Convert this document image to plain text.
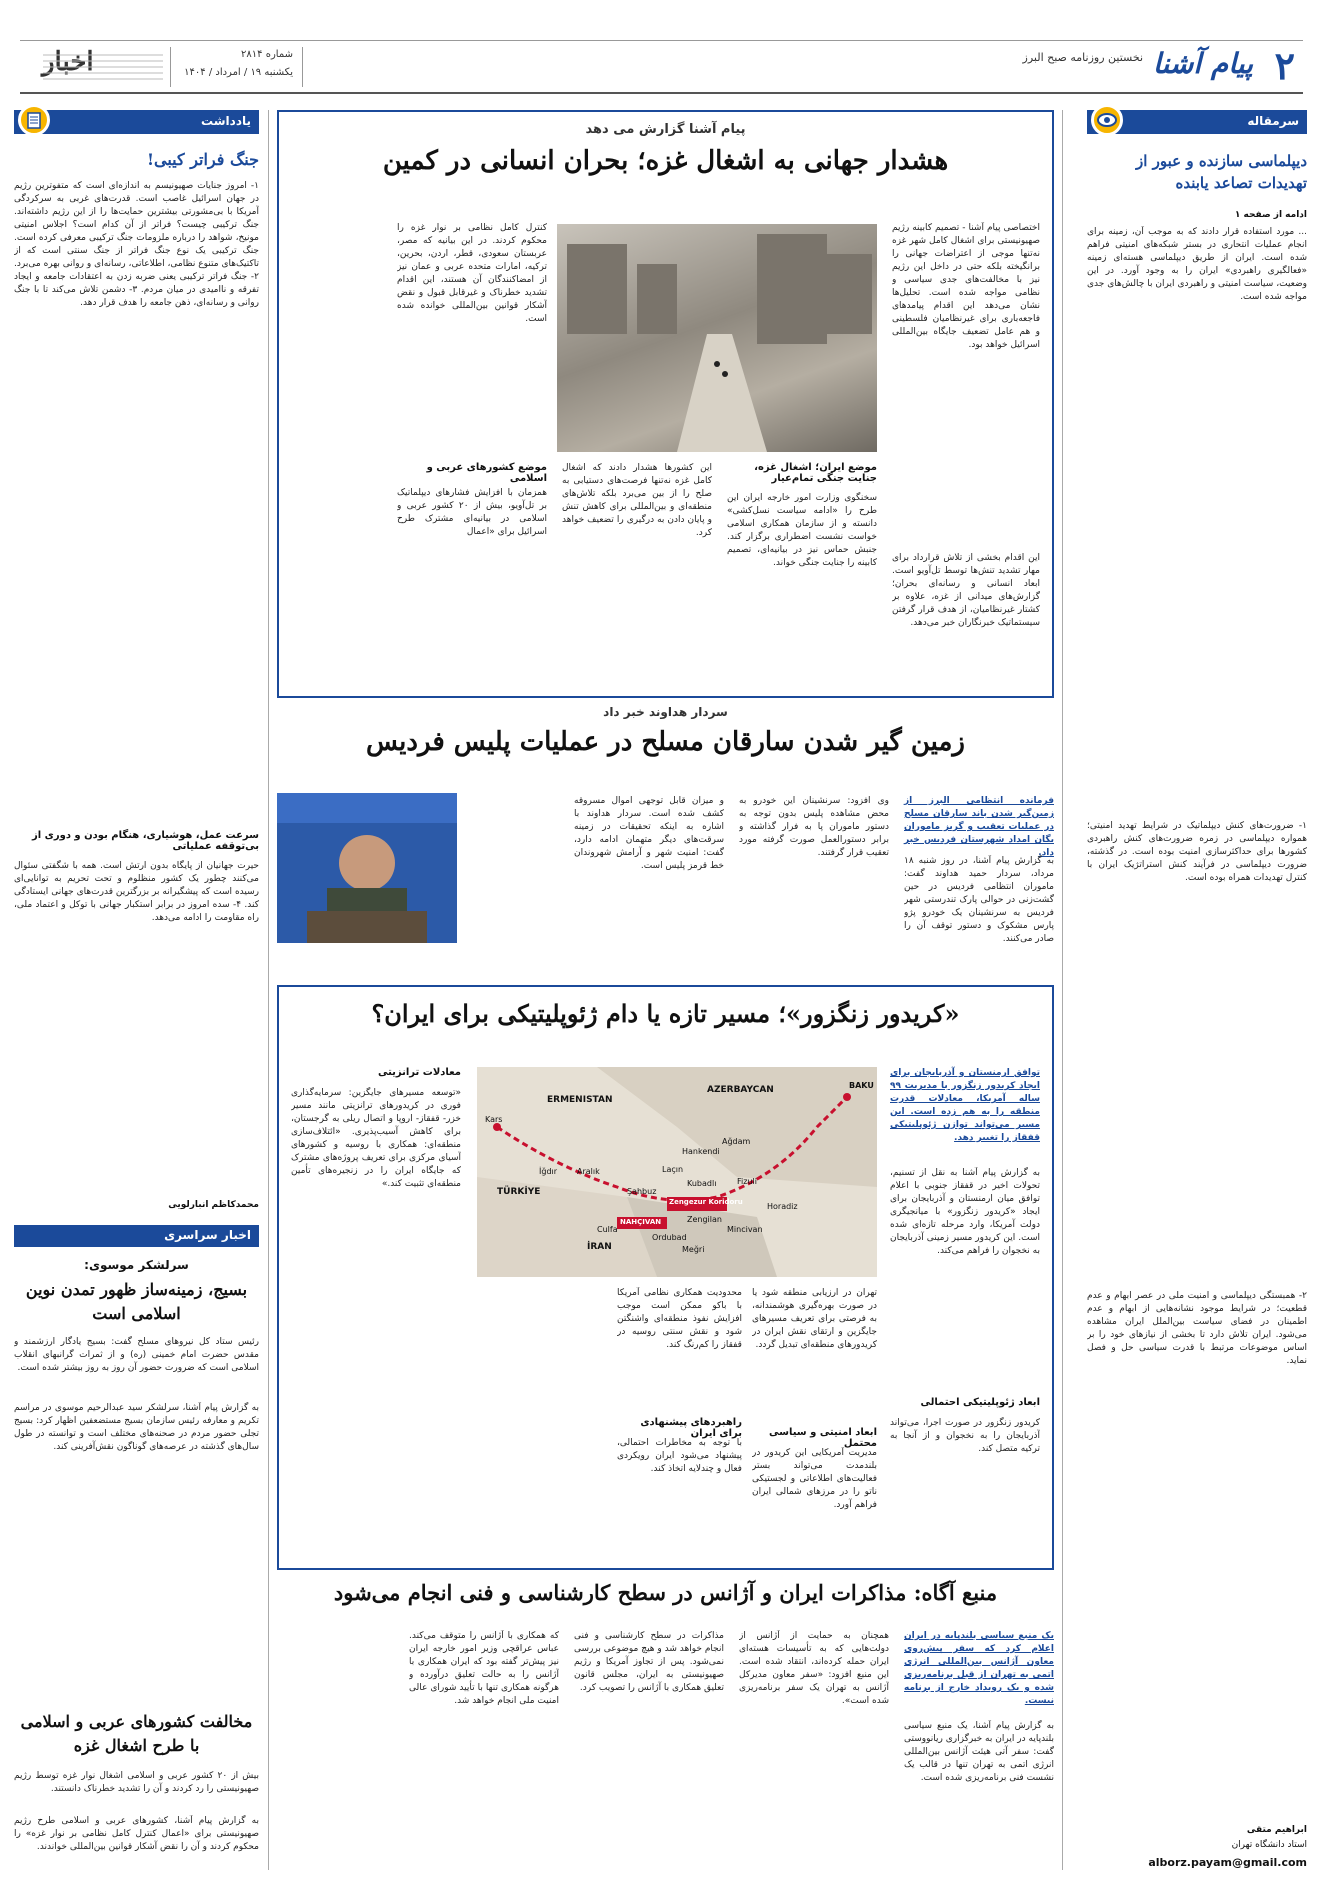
۲
پیام آشنا
نخستین روزنامه صبح البرز
شماره ۲۸۱۴
یکشنبه ۱۹ / امرداد / ۱۴۰۴
اخبار
سرمقاله
دیپلماسی سازنده و عبور از تهدیدات تصاعد یابنده
ادامه از صفحه ۱
... مورد استفاده قرار دادند که به موجب آن، زمینه برای انجام عملیات انتحاری در بستر شبکه‌های امنیتی فراهم شده است. ایران از طریق دیپلماسی هسته‌ای زمینه «فعالگیری راهبردی» ایران را به وجود آورد. در این وضعیت، سیاست امنیتی و راهبردی ایران با چالش‌های جدی مواجه شده است.
۱- ضرورت‌های کنش دیپلماتیک در شرایط تهدید امنیتی؛ همواره دیپلماسی در زمره ضرورت‌های کنش راهبردی کشورها برای حداکثرسازی امنیت بوده است. در گذشته، ضرورت دیپلماسی در فرآیند کنش استراتژیک ایران با کنترل تهدیدات همراه بوده است.
۲- همبستگی دیپلماسی و امنیت ملی در عصر ابهام و عدم قطعیت؛ در شرایط موجود نشانه‌هایی از ابهام و عدم اطمینان در فضای سیاست بین‌الملل ایران مشاهده می‌شود. ایران تلاش دارد تا بخشی از نیازهای خود را بر اساس موضوعات مرتبط با قدرت سیاسی حل و فصل نماید.
ابراهیم متقی
استاد دانشگاه تهران
alborz.payam@gmail.com
پیام آشنا گزارش می دهد
هشدار جهانی به اشغال غزه؛ بحران انسانی در کمین
اختصاصی پیام آشنا - تصمیم کابینه رژیم صهیونیستی برای اشغال کامل شهر غزه نه‌تنها موجی از اعتراضات جهانی را برانگیخته بلکه حتی در داخل این رژیم نیز با مخالفت‌های جدی سیاسی و نظامی مواجه شده است. تحلیل‌ها نشان می‌دهد این اقدام پیامدهای فاجعه‌باری برای غیرنظامیان فلسطینی و هم عامل تضعیف جایگاه بین‌المللی اسرائیل خواهد بود.
کنترل کامل نظامی بر نوار غزه را محکوم کردند. در این بیانیه که مصر، عربستان سعودی، قطر، اردن، بحرین، ترکیه، امارات متحده عربی و عمان نیز از امضاکنندگان آن هستند، این اقدام تشدید خطرناک و غیرقابل قبول و نقض آشکار قوانین بین‌المللی خوانده شده است.
این اقدام بخشی از تلاش قرارداد برای مهار تشدید تنش‌ها توسط تل‌آویو است. ابعاد انسانی و رسانه‌ای بحران؛ گزارش‌های میدانی از غزه، علاوه بر کشتار غیرنظامیان، از هدف قرار گرفتن سیستماتیک خبرنگاران خبر می‌دهد.
موضع ایران؛ اشغال غزه، جنایت جنگی تمام‌عیار
سخنگوی وزارت امور خارجه ایران این طرح را «ادامه سیاست نسل‌کشی» دانسته و از سازمان همکاری اسلامی خواست نشست اضطراری برگزار کند. جنبش حماس نیز در بیانیه‌ای، تصمیم کابینه را جنایت جنگی خواند.
این کشورها هشدار دادند که اشغال کامل غزه نه‌تنها فرصت‌های دستیابی به صلح را از بین می‌برد بلکه تلاش‌های منطقه‌ای و بین‌المللی برای کاهش تنش و پایان دادن به درگیری را تضعیف خواهد کرد.
موضع کشورهای عربی و اسلامی
همزمان با افزایش فشارهای دیپلماتیک بر تل‌آویو، بیش از ۲۰ کشور عربی و اسلامی در بیانیه‌ای مشترک طرح اسرائیل برای «اعمال
سردار هداوند خبر داد
زمین گیر شدن سارقان مسلح در عملیات پلیس فردیس
فرمانده انتظامی البرز از زمین‌گیر شدن باند سارقان مسلح در عملیات تعقیب و گریز ماموران یگان امداد شهرستان فردیس خبر داد.
به گزارش پیام آشنا، در روز شنبه ۱۸ مرداد، سردار حمید هداوند گفت: ماموران انتظامی فردیس در حین گشت‌زنی در حوالی پارک تندرستی شهر فردیس به سرنشینان یک خودرو پژو پارس مشکوک و دستور توقف آن را صادر می‌کنند.
وی افزود: سرنشینان این خودرو به محض مشاهده پلیس بدون توجه به دستور ماموران پا به فرار گذاشته و برابر دستورالعمل صورت گرفته مورد تعقیب قرار گرفتند.
و میزان قابل توجهی اموال مسروقه کشف شده است. سردار هداوند با اشاره به اینکه تحقیقات در زمینه سرقت‌های دیگر متهمان ادامه دارد، گفت: امنیت شهر و آرامش شهروندان خط قرمز پلیس است.
«کریدور زنگزور»؛ مسیر تازه یا دام ژئوپلیتیکی برای ایران؟
توافق ارمنستان و آذربایجان برای ایجاد کریدور زنگزور با مدیریت ۹۹ ساله آمریکا، معادلات قدرت منطقه را به هم زده است. این مسیر می‌تواند توازن ژئوپلیتیکی قفقاز را تغییر دهد.
به گزارش پیام آشنا به نقل از تسنیم، تحولات اخیر در قفقاز جنوبی با اعلام توافق میان ارمنستان و آذربایجان برای ایجاد «کریدور زنگزور» با میانجیگری دولت آمریکا، وارد مرحله تازه‌ای شده است. این کریدور مسیر زمینی آذربایجان به نخجوان را فراهم می‌کند.
ابعاد ژئوپلیتیکی احتمالی
کریدور زنگزور در صورت اجرا، می‌تواند آذربایجان را به نخجوان و از آنجا به ترکیه متصل کند.
AZERBAYCAN
ERMENISTAN
TÜRKİYE
İRAN
Zengezur Koridoru
NAHÇIVAN
Kars
İğdır Aralık
Ordubad
Culfa
Şahbuz
Hankendi
Ağdam
Laçın
Kubadlı
Zengilan
Fizuli
Mincivan
Horadiz
Meğri
BAKU
تهران در ارزیابی منطقه شود یا در صورت بهره‌گیری هوشمندانه، به فرصتی برای تعریف مسیرهای جایگزین و ارتقای نقش ایران در کریدورهای منطقه‌ای تبدیل گردد.
ابعاد امنیتی و سیاسی محتمل
مدیریت آمریکایی این کریدور در بلندمدت می‌تواند بستر فعالیت‌های اطلاعاتی و لجستیکی ناتو را در مرزهای شمالی ایران فراهم آورد.
محدودیت همکاری نظامی آمریکا با باکو ممکن است موجب افزایش نفوذ منطقه‌ای واشنگتن شود و نقش سنتی روسیه در قفقاز را کم‌رنگ کند.
راهبردهای پیشنهادی برای ایران
با توجه به مخاطرات احتمالی، پیشنهاد می‌شود ایران رویکردی فعال و چندلایه اتخاذ کند.
معادلات ترانزیتی
«توسعه مسیرهای جایگزین: سرمایه‌گذاری فوری در کریدورهای ترانزیتی مانند مسیر خزر- قفقاز- اروپا و اتصال ریلی به گرجستان، برای کاهش آسیب‌پذیری. «ائتلاف‌سازی منطقه‌ای: همکاری با روسیه و کشورهای آسیای مرکزی برای تعریف پروژه‌های مشترک که جایگاه ایران را در زنجیره‌های تأمین منطقه‌ای تثبیت کند.»
منبع آگاه: مذاکرات ایران و آژانس در سطح کارشناسی و فنی انجام می‌شود
یک منبع سیاسی بلندپایه در ایران اعلام کرد که سفر پیش‌روی معاون آژانس بین‌المللی انرژی اتمی به تهران از قبل برنامه‌ریزی شده و یک رویداد خارج از برنامه نیست.
به گزارش پیام آشنا، یک منبع سیاسی بلندپایه در ایران به خبرگزاری ریانووستی گفت: سفر آتی هیئت آژانس بین‌المللی انرژی اتمی به تهران تنها در قالب یک نشست فنی برنامه‌ریزی شده است.
همچنان به حمایت از آژانس از دولت‌هایی که به تأسیسات هسته‌ای ایران حمله کرده‌اند، انتقاد شده است. این منبع افزود: «سفر معاون مدیرکل آژانس به تهران یک سفر برنامه‌ریزی شده است».
مذاکرات در سطح کارشناسی و فنی انجام خواهد شد و هیچ موضوعی بررسی نمی‌شود. پس از تجاوز آمریکا و رژیم صهیونیستی به ایران، مجلس قانون تعلیق همکاری با آژانس را تصویب کرد.
که همکاری با آژانس را متوقف می‌کند. عباس عراقچی وزیر امور خارجه ایران نیز پیش‌تر گفته بود که ایران همکاری با آژانس را به حالت تعلیق درآورده و هرگونه همکاری تنها با تأیید شورای عالی امنیت ملی انجام خواهد شد.
یادداشت
جنگ فراتر کیبی!
۱- امروز جنایات صهیونیسم به اندازه‌ای است که متفوترین رژیم در جهان اسرائیل غاصب است. قدرت‌های غربی به سرکردگی آمریکا با بی‌مشورتی بیشترین حمایت‌ها را از این رژیم داشته‌اند. جنگ ترکیبی چیست؟ فراتر از آن کدام است؟ اجلاس امنیتی مونیخ، شواهد را درباره ملزومات جنگ ترکیبی معرفی کرده است. جنگ ترکیبی یک نوع جنگ فراتر از جنگ سنتی است که از تاکتیک‌های متنوع نظامی، اطلاعاتی، رسانه‌ای و روانی بهره می‌برد. ۲- جنگ فراتر ترکیبی یعنی ضربه زدن به اعتقادات جامعه و ایجاد تفرقه و ناامیدی در میان مردم. ۳- دشمن تلاش می‌کند تا با جنگ روانی و رسانه‌ای، ذهن جامعه را هدف قرار دهد.
سرعت عمل، هوشیاری، هنگام بودن و دوری از بی‌توقفه عملیاتی
حیرت جهانیان از پایگاه بدون ارتش است. همه با شگفتی سئوال می‌کنند چطور یک کشور منظلوم و تحت تحریم به توانایی‌ای رسیده است که پیشگیرانه بر بزرگترین قدرت‌های جهانی ایستادگی کند. ۴- سده امروز در برابر استکبار جهانی با توکل و اعتماد ملی، راه مقاومت را ادامه می‌دهد.
محمدکاظم انبارلویی
اخبار سراسری
سرلشکر موسوی:
بسیج، زمینه‌ساز ظهور تمدن نوین اسلامی است
رئیس ستاد کل نیروهای مسلح گفت: بسیج یادگار ارزشمند و مقدس حضرت امام خمینی (ره) و از ثمرات گرانبهای انقلاب اسلامی است که ضرورت حضور آن روز به روز بیشتر شده است.
به گزارش پیام آشنا، سرلشکر سید عبدالرحیم موسوی در مراسم تکریم و معارفه رئیس سازمان بسیج مستضعفین اظهار کرد: بسیج تجلی حضور مردم در صحنه‌های مختلف است و توانسته در طول سال‌های گذشته در عرصه‌های گوناگون نقش‌آفرینی کند.
مخالفت کشورهای عربی و اسلامی با طرح اشغال غزه
بیش از ۲۰ کشور عربی و اسلامی اشغال نوار غزه توسط رژیم صهیونیستی را رد کردند و آن را تشدید خطرناک دانستند.
به گزارش پیام آشنا، کشورهای عربی و اسلامی طرح رژیم صهیونیستی برای «اعمال کنترل کامل نظامی بر نوار غزه» را محکوم کردند و آن را نقض آشکار قوانین بین‌المللی خواندند.
